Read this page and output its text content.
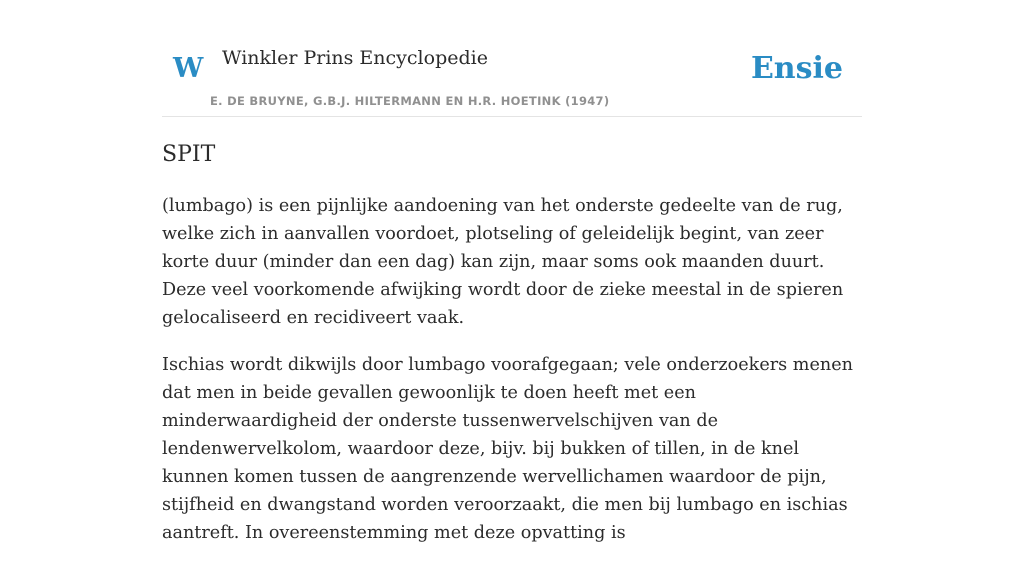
W Winkler Prins Encyclopedie
E. DE BRUYNE, G.B.J. HILTERMANN EN H.R. HOETINK (1947)
Ensie
SPIT

(lumbago) is een pijnlijke aandoening van het onderste gedeelte van de rug, welke zich in aanvallen voordoet, plotseling of geleidelijk begint, van zeer korte duur (minder dan een dag) kan zijn, maar soms ook maanden duurt. Deze veel voorkomende afwijking wordt door de zieke meestal in de spieren gelocaliseerd en recidiveert vaak.

Ischias wordt dikwijls door lumbago voorafgegaan; vele onderzoekers menen dat men in beide gevallen gewoonlijk te doen heeft met een minderwaardigheid der onderste tussenwervelschijven van de lendenwervelkolom, waardoor deze, bijv. bij bukken of tillen, in de knel kunnen komen tussen de aangrenzende wervellichamen waardoor de pijn, stijfheid en dwangstand worden veroorzaakt, die men bij lumbago en ischias aantreft. In overeenstemming met deze opvatting is
